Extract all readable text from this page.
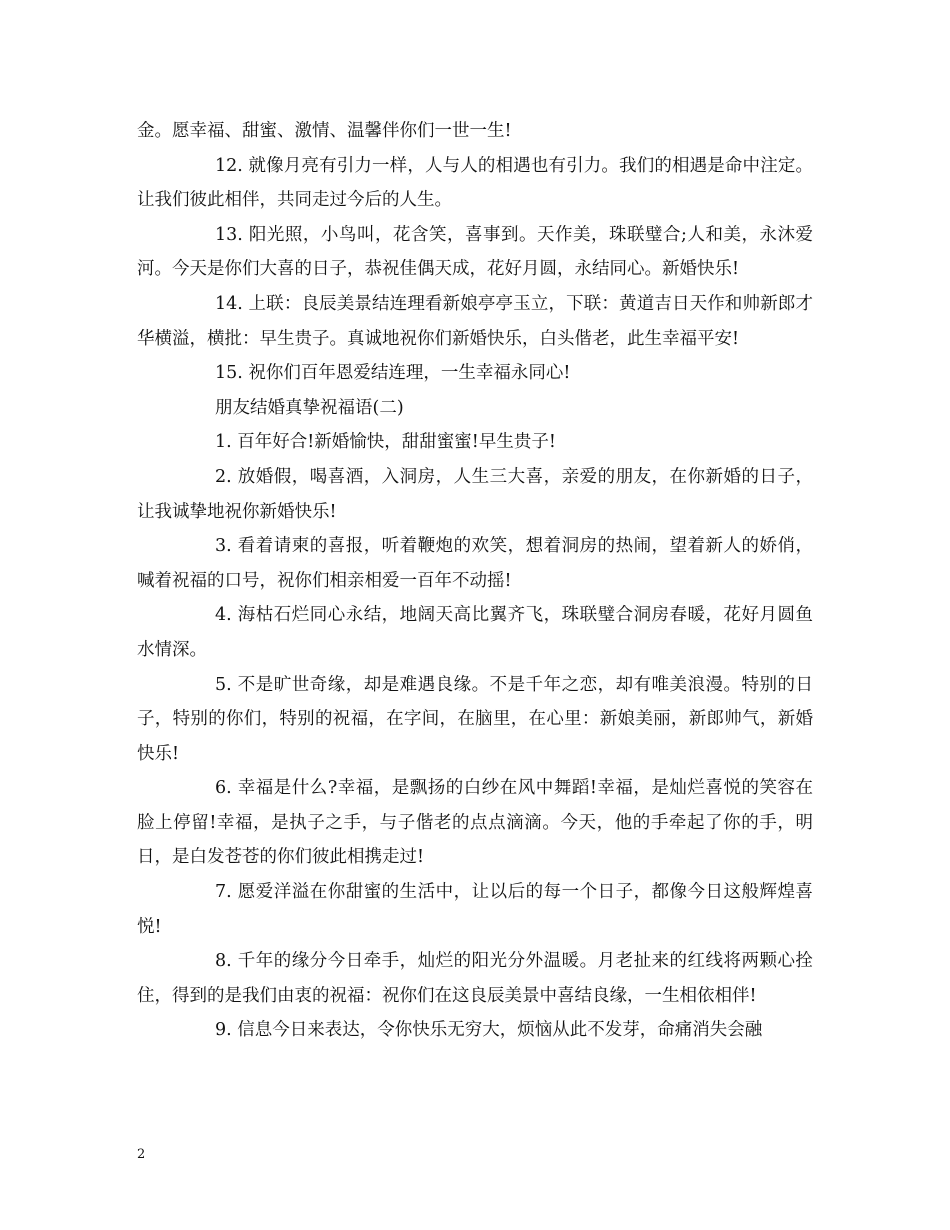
金。愿幸福、甜蜜、激情、温馨伴你们一世一生!

12. 就像月亮有引力一样，人与人的相遇也有引力。我们的相遇是命中注定。让我们彼此相伴，共同走过今后的人生。

13. 阳光照，小鸟叫，花含笑，喜事到。天作美，珠联璧合;人和美，永沐爱河。今天是你们大喜的日子，恭祝佳偶天成，花好月圆，永结同心。新婚快乐!

14. 上联：良辰美景结连理看新娘亭亭玉立，下联：黄道吉日天作和帅新郎才华横溢，横批：早生贵子。真诚地祝你们新婚快乐，白头偕老，此生幸福平安!

15. 祝你们百年恩爱结连理，一生幸福永同心!

朋友结婚真挚祝福语(二)

1. 百年好合!新婚愉快，甜甜蜜蜜!早生贵子!

2. 放婚假，喝喜酒，入洞房，人生三大喜，亲爱的朋友，在你新婚的日子，让我诚挚地祝你新婚快乐!

3. 看着请柬的喜报，听着鞭炮的欢笑，想着洞房的热闹，望着新人的娇俏，喊着祝福的口号，祝你们相亲相爱一百年不动摇!

4. 海枯石烂同心永结，地阔天高比翼齐飞，珠联璧合洞房春暖，花好月圆鱼水情深。

5. 不是旷世奇缘，却是难遇良缘。不是千年之恋，却有唯美浪漫。特别的日子，特别的你们，特别的祝福，在字间，在脑里，在心里：新娘美丽，新郎帅气，新婚快乐!

6. 幸福是什么?幸福，是飘扬的白纱在风中舞蹈!幸福，是灿烂喜悦的笑容在脸上停留!幸福，是执子之手，与子偕老的点点滴滴。今天，他的手牵起了你的手，明日，是白发苍苍的你们彼此相携走过!

7. 愿爱洋溢在你甜蜜的生活中，让以后的每一个日子，都像今日这般辉煌喜悦!

8. 千年的缘分今日牵手，灿烂的阳光分外温暖。月老扯来的红线将两颗心拴住，得到的是我们由衷的祝福：祝你们在这良辰美景中喜结良缘，一生相依相伴!

9. 信息今日来表达，令你快乐无穷大，烦恼从此不发芽，命痛消失会融

2
